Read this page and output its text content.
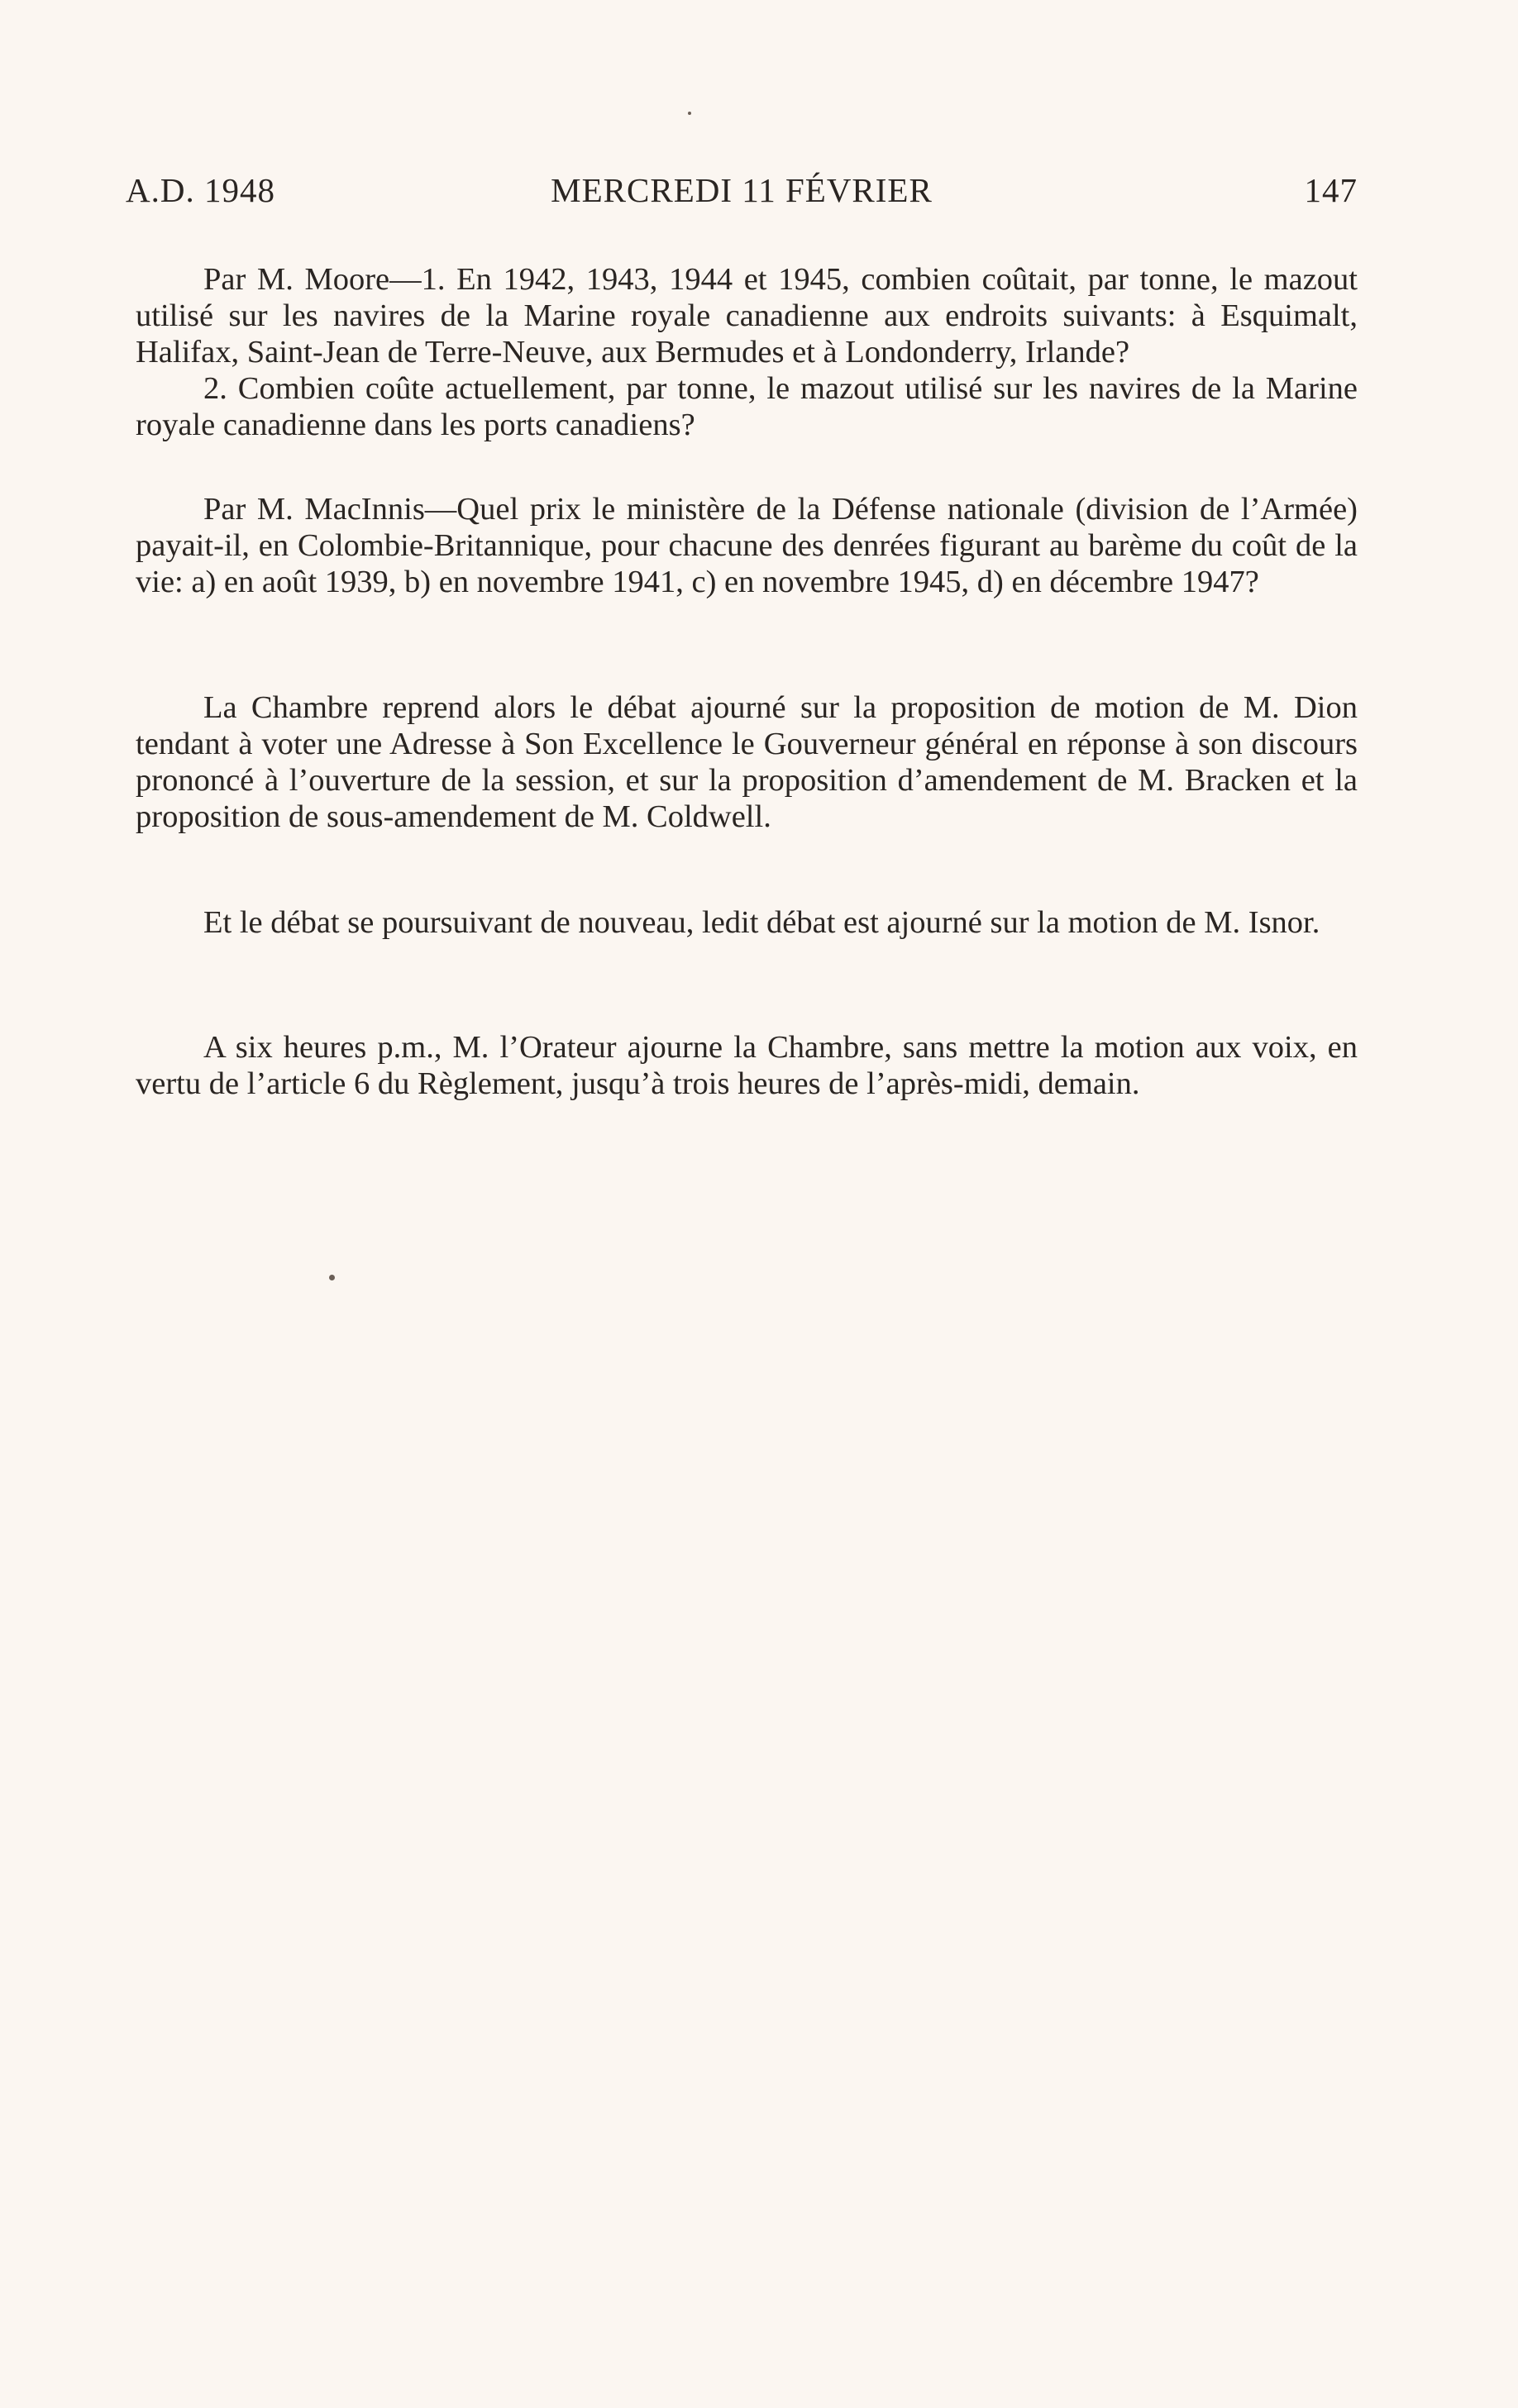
A.D. 1948	MERCREDI 11 FÉVRIER	147

Par M. Moore—1. En 1942, 1943, 1944 et 1945, combien coûtait, par tonne, le mazout utilisé sur les navires de la Marine royale canadienne aux endroits suivants: à Esquimalt, Halifax, Saint-Jean de Terre-Neuve, aux Bermudes et à Londonderry, Irlande?

2. Combien coûte actuellement, par tonne, le mazout utilisé sur les navires de la Marine royale canadienne dans les ports canadiens?

Par M. MacInnis—Quel prix le ministère de la Défense nationale (division de l’Armée) payait-il, en Colombie-Britannique, pour chacune des denrées figurant au barème du coût de la vie: a) en août 1939, b) en novembre 1941, c) en novembre 1945, d) en décembre 1947?

La Chambre reprend alors le débat ajourné sur la proposition de motion de M. Dion tendant à voter une Adresse à Son Excellence le Gouverneur général en réponse à son discours prononcé à l’ouverture de la session, et sur la proposition d’amendement de M. Bracken et la proposition de sous-amendement de M. Coldwell.

Et le débat se poursuivant de nouveau, ledit débat est ajourné sur la motion de M. Isnor.

A six heures p.m., M. l’Orateur ajourne la Chambre, sans mettre la motion aux voix, en vertu de l’article 6 du Règlement, jusqu’à trois heures de l’après-midi, demain.
